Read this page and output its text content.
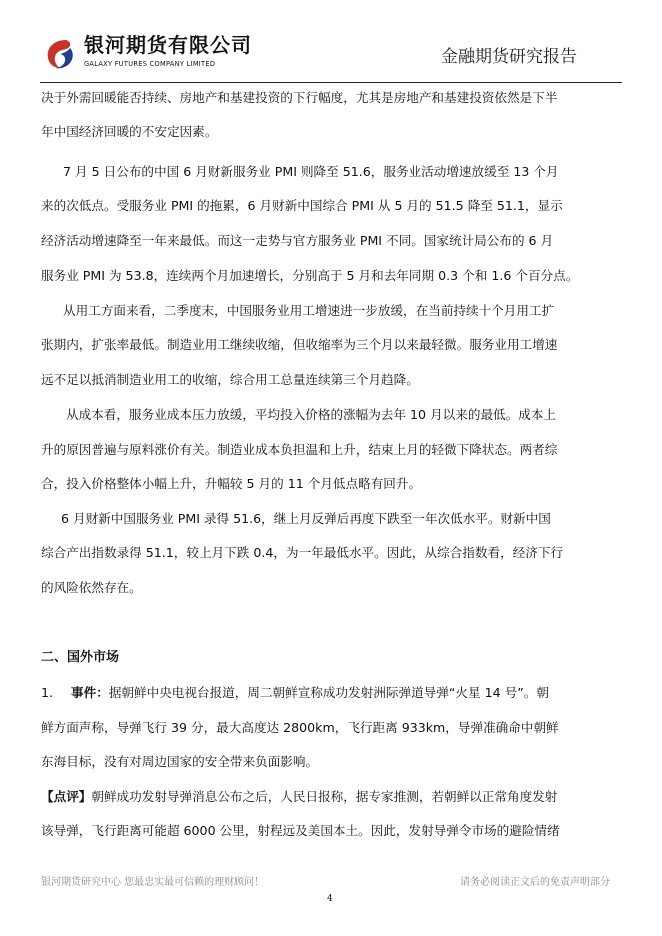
银河期货有限公司
GALAXY FUTURES COMPANY LIMITED	金融期货研究报告
决于外需回暖能否持续、房地产和基建投资的下行幅度，尤其是房地产和基建投资依然是下半
年中国经济回暖的不安定因素。
7 月 5 日公布的中国 6 月财新服务业 PMI 则降至 51.6，服务业活动增速放缓至 13 个月
来的次低点。受服务业 PMI 的拖累，6 月财新中国综合 PMI 从 5 月的 51.5 降至 51.1，显示
经济活动增速降至一年来最低。而这一走势与官方服务业 PMI 不同。国家统计局公布的 6 月
服务业 PMI 为 53.8，连续两个月加速增长，分别高于 5 月和去年同期 0.3 个和 1.6 个百分点。
从用工方面来看，二季度末，中国服务业用工增速进一步放缓，在当前持续十个月用工扩
张期内，扩张率最低。制造业用工继续收缩，但收缩率为三个月以来最轻微。服务业用工增速
远不足以抵消制造业用工的收缩，综合用工总量连续第三个月趋降。
从成本看，服务业成本压力放缓，平均投入价格的涨幅为去年 10 月以来的最低。成本上
升的原因普遍与原料涨价有关。制造业成本负担温和上升，结束上月的轻微下降状态。两者综
合，投入价格整体小幅上升，升幅较 5 月的 11 个月低点略有回升。
6 月财新中国服务业 PMI 录得 51.6，继上月反弹后再度下跌至一年次低水平。财新中国
综合产出指数录得 51.1，较上月下跌 0.4，为一年最低水平。因此，从综合指数看，经济下行
的风险依然存在。
二、国外市场
1. 事件：据朝鲜中央电视台报道，周二朝鲜宣称成功发射洲际弹道导弹“火星 14 号”。朝
鲜方面声称，导弹飞行 39 分，最大高度达 2800km，飞行距离 933km，导弹准确命中朝鲜
东海目标，没有对周边国家的安全带来负面影响。
【点评】朝鲜成功发射导弹消息公布之后，人民日报称，据专家推测，若朝鲜以正常角度发射
该导弹，飞行距离可能超 6000 公里，射程远及美国本土。因此，发射导弹令市场的避险情绪
银河期货研究中心 您最忠实最可信赖的理财顾问！	请务必阅读正文后的免责声明部分
4
